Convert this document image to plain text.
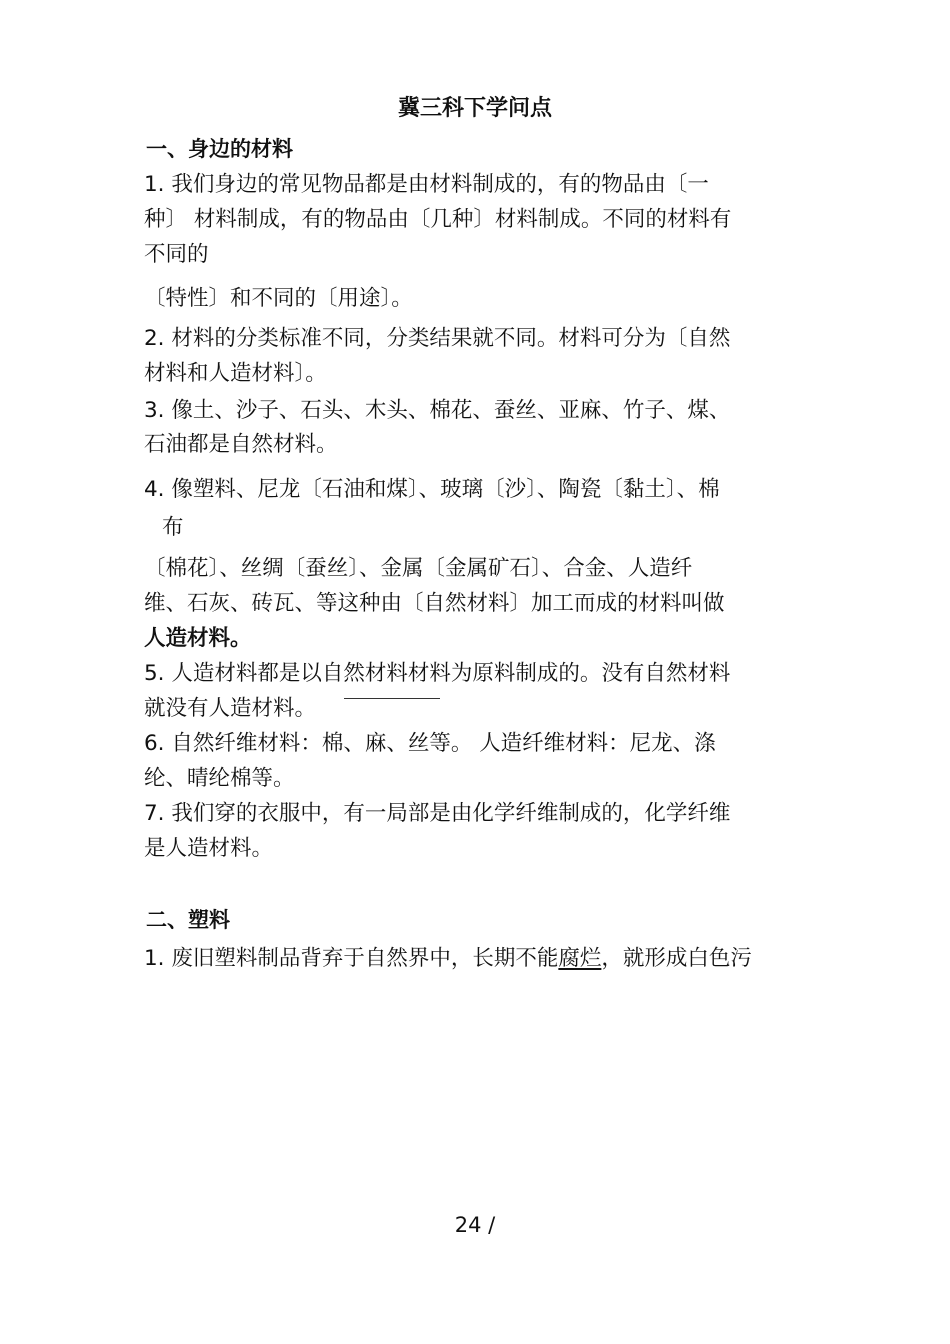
冀三科下学问点
一、身边的材料
1. 我们身边的常见物品都是由材料制成的，有的物品由〔一
种〕 材料制成，有的物品由〔几种〕材料制成。不同的材料有
不同的
〔特性〕和不同的〔用途〕。
2. 材料的分类标准不同，分类结果就不同。材料可分为〔自然
材料和人造材料〕。
3. 像土、沙子、石头、木头、棉花、蚕丝、亚麻、竹子、煤、
石油都是自然材料。
4. 像塑料、尼龙〔石油和煤〕、玻璃〔沙〕、陶瓷〔黏土〕、棉
布
〔棉花〕、丝绸〔蚕丝〕、金属〔金属矿石〕、合金、人造纤
维、石灰、砖瓦、等这种由〔自然材料〕加工而成的材料叫做
人造材料。
5. 人造材料都是以自然材料材料为原料制成的。没有自然材料
就没有人造材料。
6. 自然纤维材料：棉、麻、丝等。 人造纤维材料：尼龙、涤
纶、晴纶棉等。
7. 我们穿的衣服中，有一局部是由化学纤维制成的，化学纤维
是人造材料。
二、塑料
1. 废旧塑料制品背弃于自然界中，长期不能腐烂，就形成白色污
24 /
